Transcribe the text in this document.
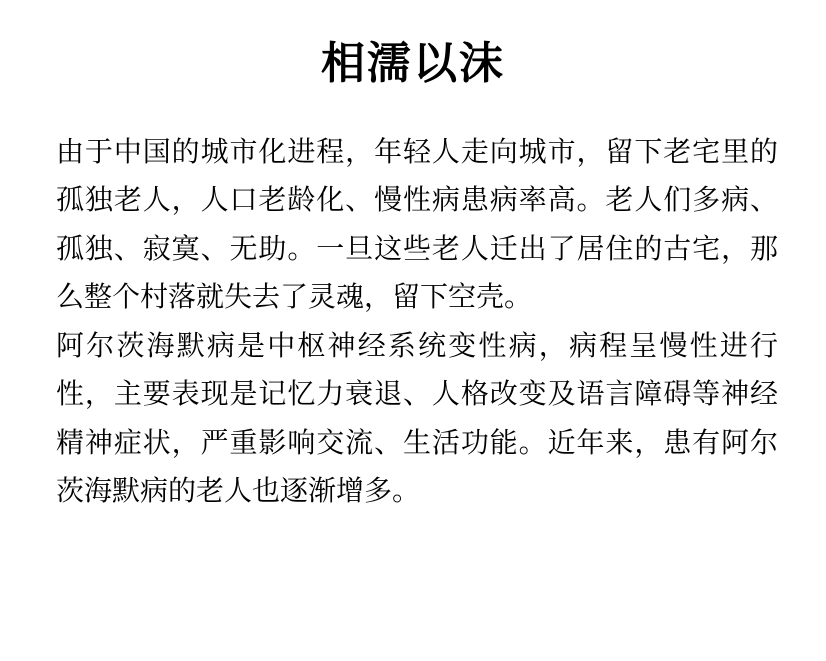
相濡以沫

由于中国的城市化进程，年轻人走向城市，留下老宅里的孤独老人，人口老龄化、慢性病患病率高。老人们多病、孤独、寂寞、无助。一旦这些老人迁出了居住的古宅，那么整个村落就失去了灵魂，留下空壳。

阿尔茨海默病是中枢神经系统变性病，病程呈慢性进行性，主要表现是记忆力衰退、人格改变及语言障碍等神经精神症状，严重影响交流、生活功能。近年来，患有阿尔茨海默病的老人也逐渐增多。
